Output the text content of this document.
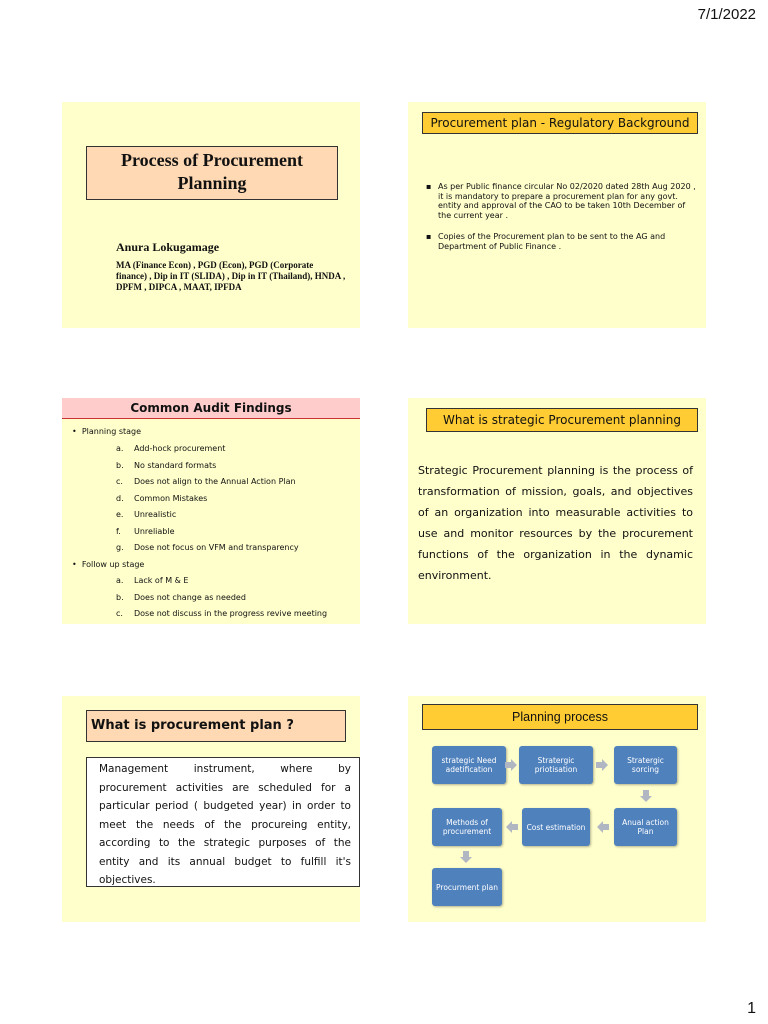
7/1/2022
Process of Procurement
Planning
Anura Lokugamage
MA (Finance Econ) , PGD (Econ), PGD (Corporate finance) , Dip in IT (SLIDA) , Dip in IT (Thailand), HNDA , DPFM , DIPCA , MAAT, IPFDA
Procurement plan - Regulatory Background
▪ As per Public finance circular No 02/2020 dated 28th Aug 2020 , it is mandatory to prepare a procurement plan for any govt. entity and approval of the CAO to be taken 10th December of the current year .
▪ Copies of the Procurement plan to be sent to the AG and Department of Public Finance .
Common Audit Findings
•  Planning stage
a. Add-hock procurement
b. No standard formats
c. Does not align to the Annual Action Plan
d. Common Mistakes
e. Unrealistic
f. Unreliable
g. Dose not focus on VFM and transparency
•  Follow up stage
a. Lack of M & E
b. Does not change as needed
c. Dose not discuss in the progress revive meeting
What is strategic Procurement planning
Strategic Procurement planning is the process of transformation of mission, goals, and objectives of an organization into measurable activities to use and monitor resources by the procurement functions of the organization in the dynamic environment.
What is procurement plan ?
Management instrument, where by procurement activities are scheduled for a particular period ( budgeted year) in order to meet the needs of the procureing entity, according to the strategic purposes of the entity and its annual budget to fulfill it's objectives.
Planning process
strategic Need adetification
Stratergic priotisation
Stratergic sorcing
Anual action Plan
Cost estimation
Methods of procurement
Procurment plan
1
